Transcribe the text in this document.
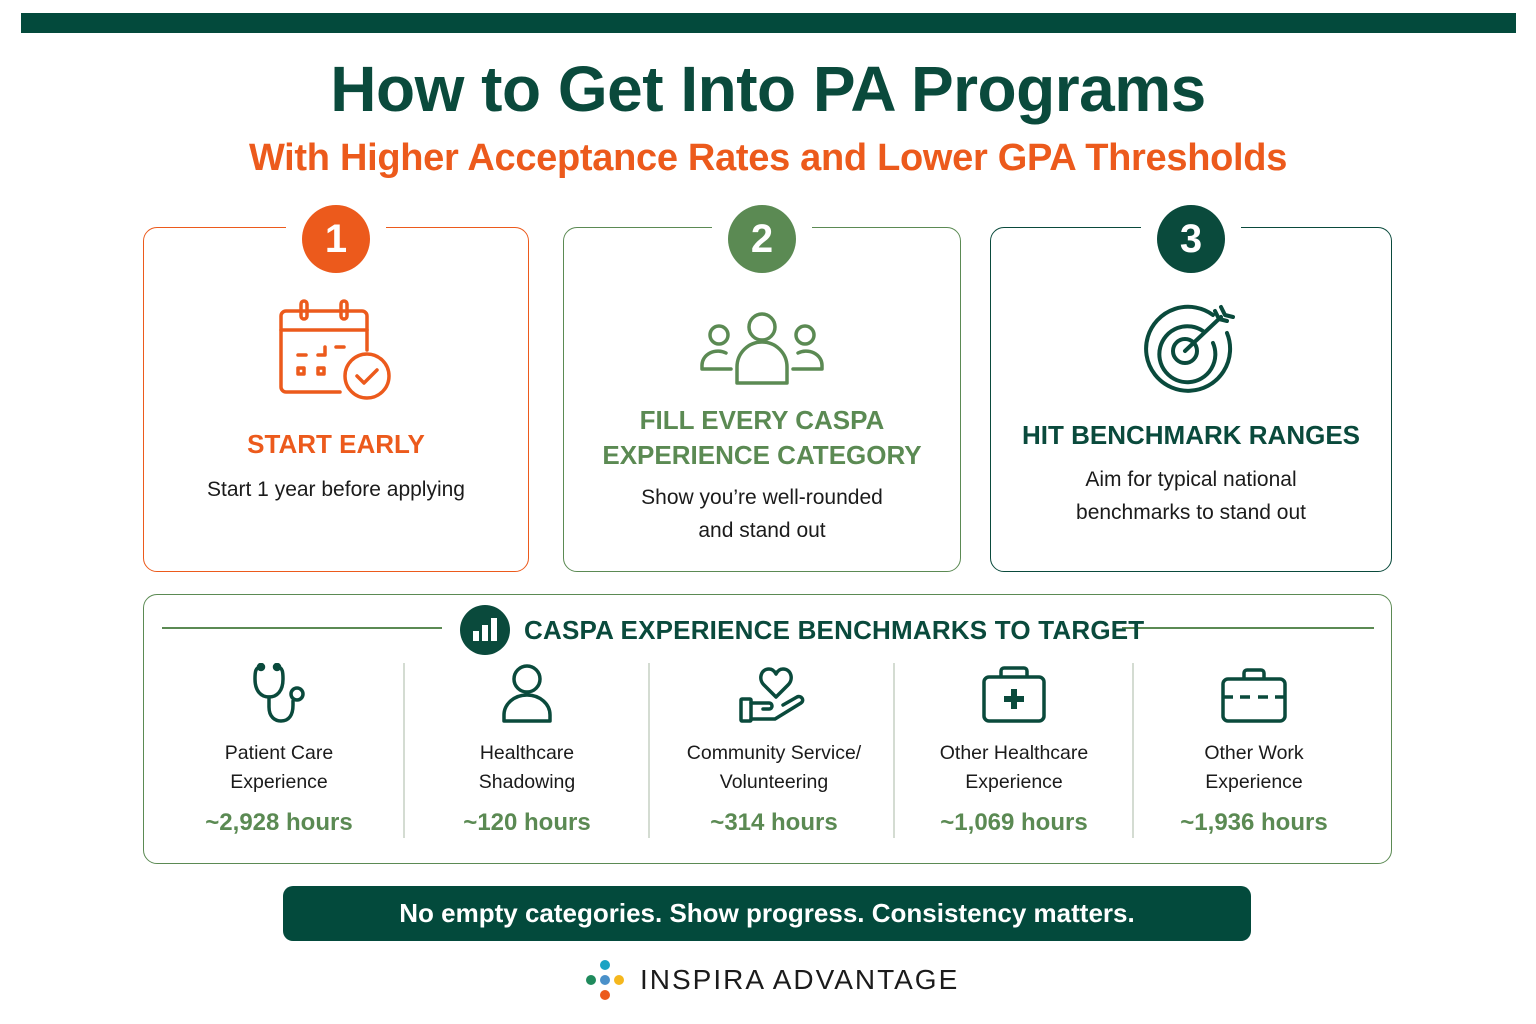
How to Get Into PA Programs
With Higher Acceptance Rates and Lower GPA Thresholds
1
START EARLY
Start 1 year before applying
2
FILL EVERY CASPA
EXPERIENCE CATEGORY
Show you’re well-rounded
and stand out
3
HIT BENCHMARK RANGES
Aim for typical national
benchmarks to stand out
CASPA EXPERIENCE BENCHMARKS TO TARGET
Patient Care
Experience
~2,928 hours
Healthcare
Shadowing
~120 hours
Community Service/
Volunteering
~314 hours
Other Healthcare
Experience
~1,069 hours
Other Work
Experience
~1,936 hours
No empty categories. Show progress. Consistency matters.
INSPIRA ADVANTAGE
